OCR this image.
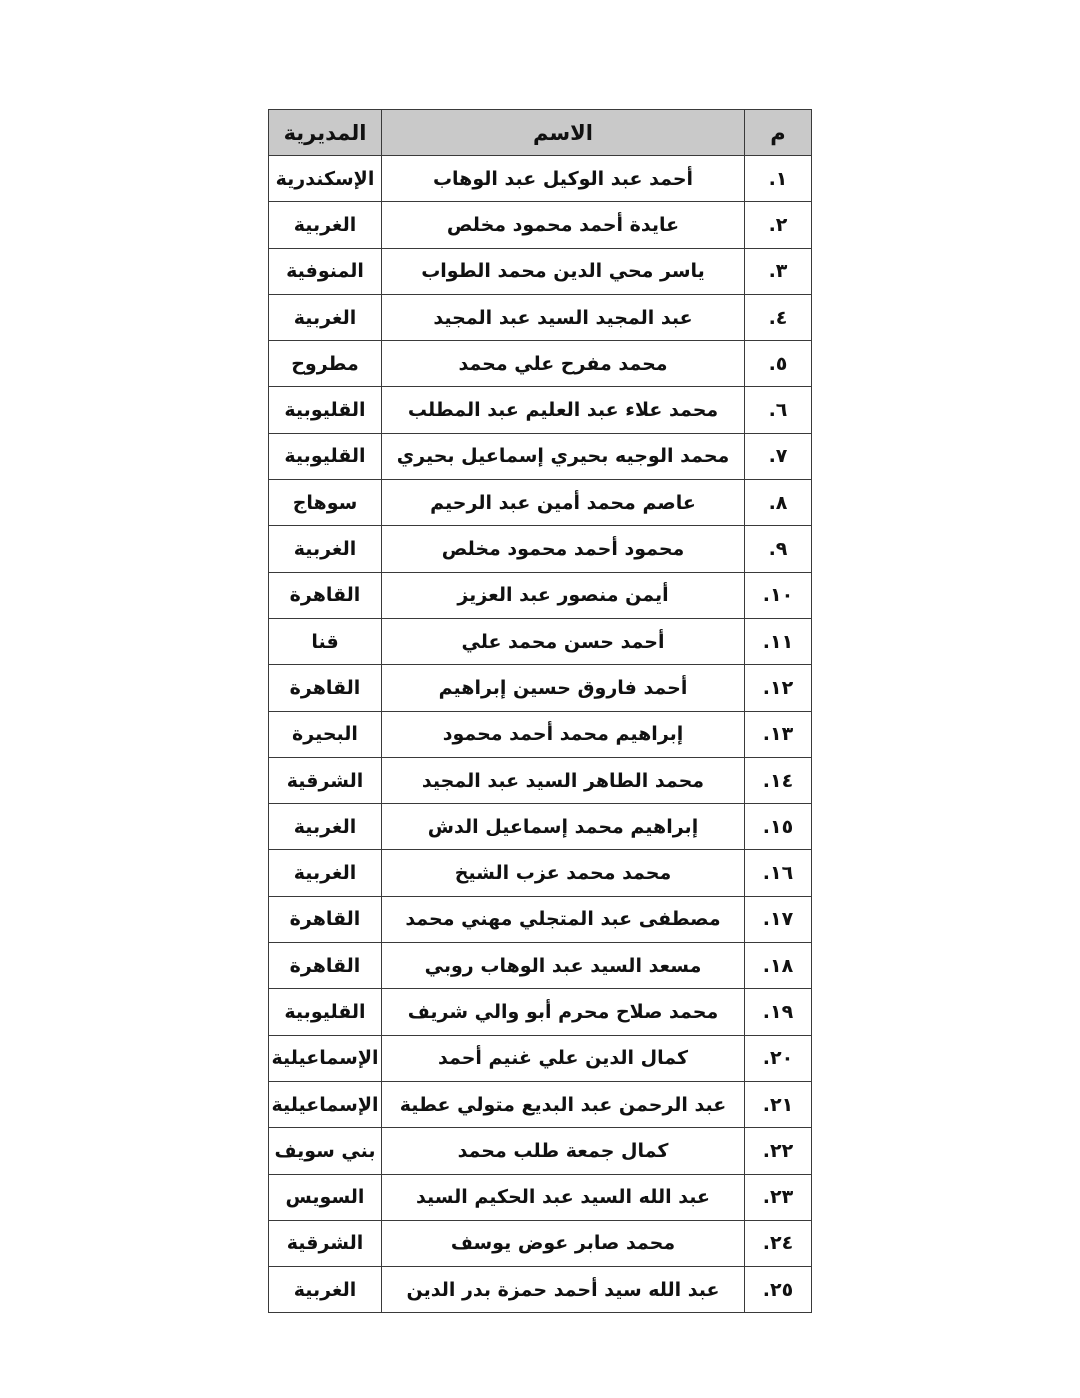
م	الاسم	المديرية
١.	أحمد عبد الوكيل عبد الوهاب	الإسكندرية
٢.	عايدة أحمد محمود مخلص	الغربية
٣.	ياسر محي الدين محمد الطواب	المنوفية
٤.	عبد المجيد السيد عبد المجيد	الغربية
٥.	محمد مفرح علي محمد	مطروح
٦.	محمد علاء عبد العليم عبد المطلب	القليوبية
٧.	محمد الوجيه بحيري إسماعيل بحيري	القليوبية
٨.	عاصم محمد أمين عبد الرحيم	سوهاج
٩.	محمود أحمد محمود مخلص	الغربية
١٠.	أيمن منصور عبد العزيز	القاهرة
١١.	أحمد حسن محمد علي	قنا
١٢.	أحمد فاروق حسين إبراهيم	القاهرة
١٣.	إبراهيم محمد أحمد محمود	البحيرة
١٤.	محمد الطاهر السيد عبد المجيد	الشرقية
١٥.	إبراهيم محمد إسماعيل الدش	الغربية
١٦.	محمد محمد عزب الشيخ	الغربية
١٧.	مصطفى عبد المتجلي مهني محمد	القاهرة
١٨.	مسعد السيد عبد الوهاب روبي	القاهرة
١٩.	محمد صلاح محرم أبو والي شريف	القليوبية
٢٠.	كمال الدين علي غنيم أحمد	الإسماعيلية
٢١.	عبد الرحمن عبد البديع متولي عطية	الإسماعيلية
٢٢.	كمال جمعة طلب محمد	بني سويف
٢٣.	عبد الله السيد عبد الحكيم السيد	السويس
٢٤.	محمد صابر عوض يوسف	الشرقية
٢٥.	عبد الله سيد أحمد حمزة بدر الدين	الغربية
